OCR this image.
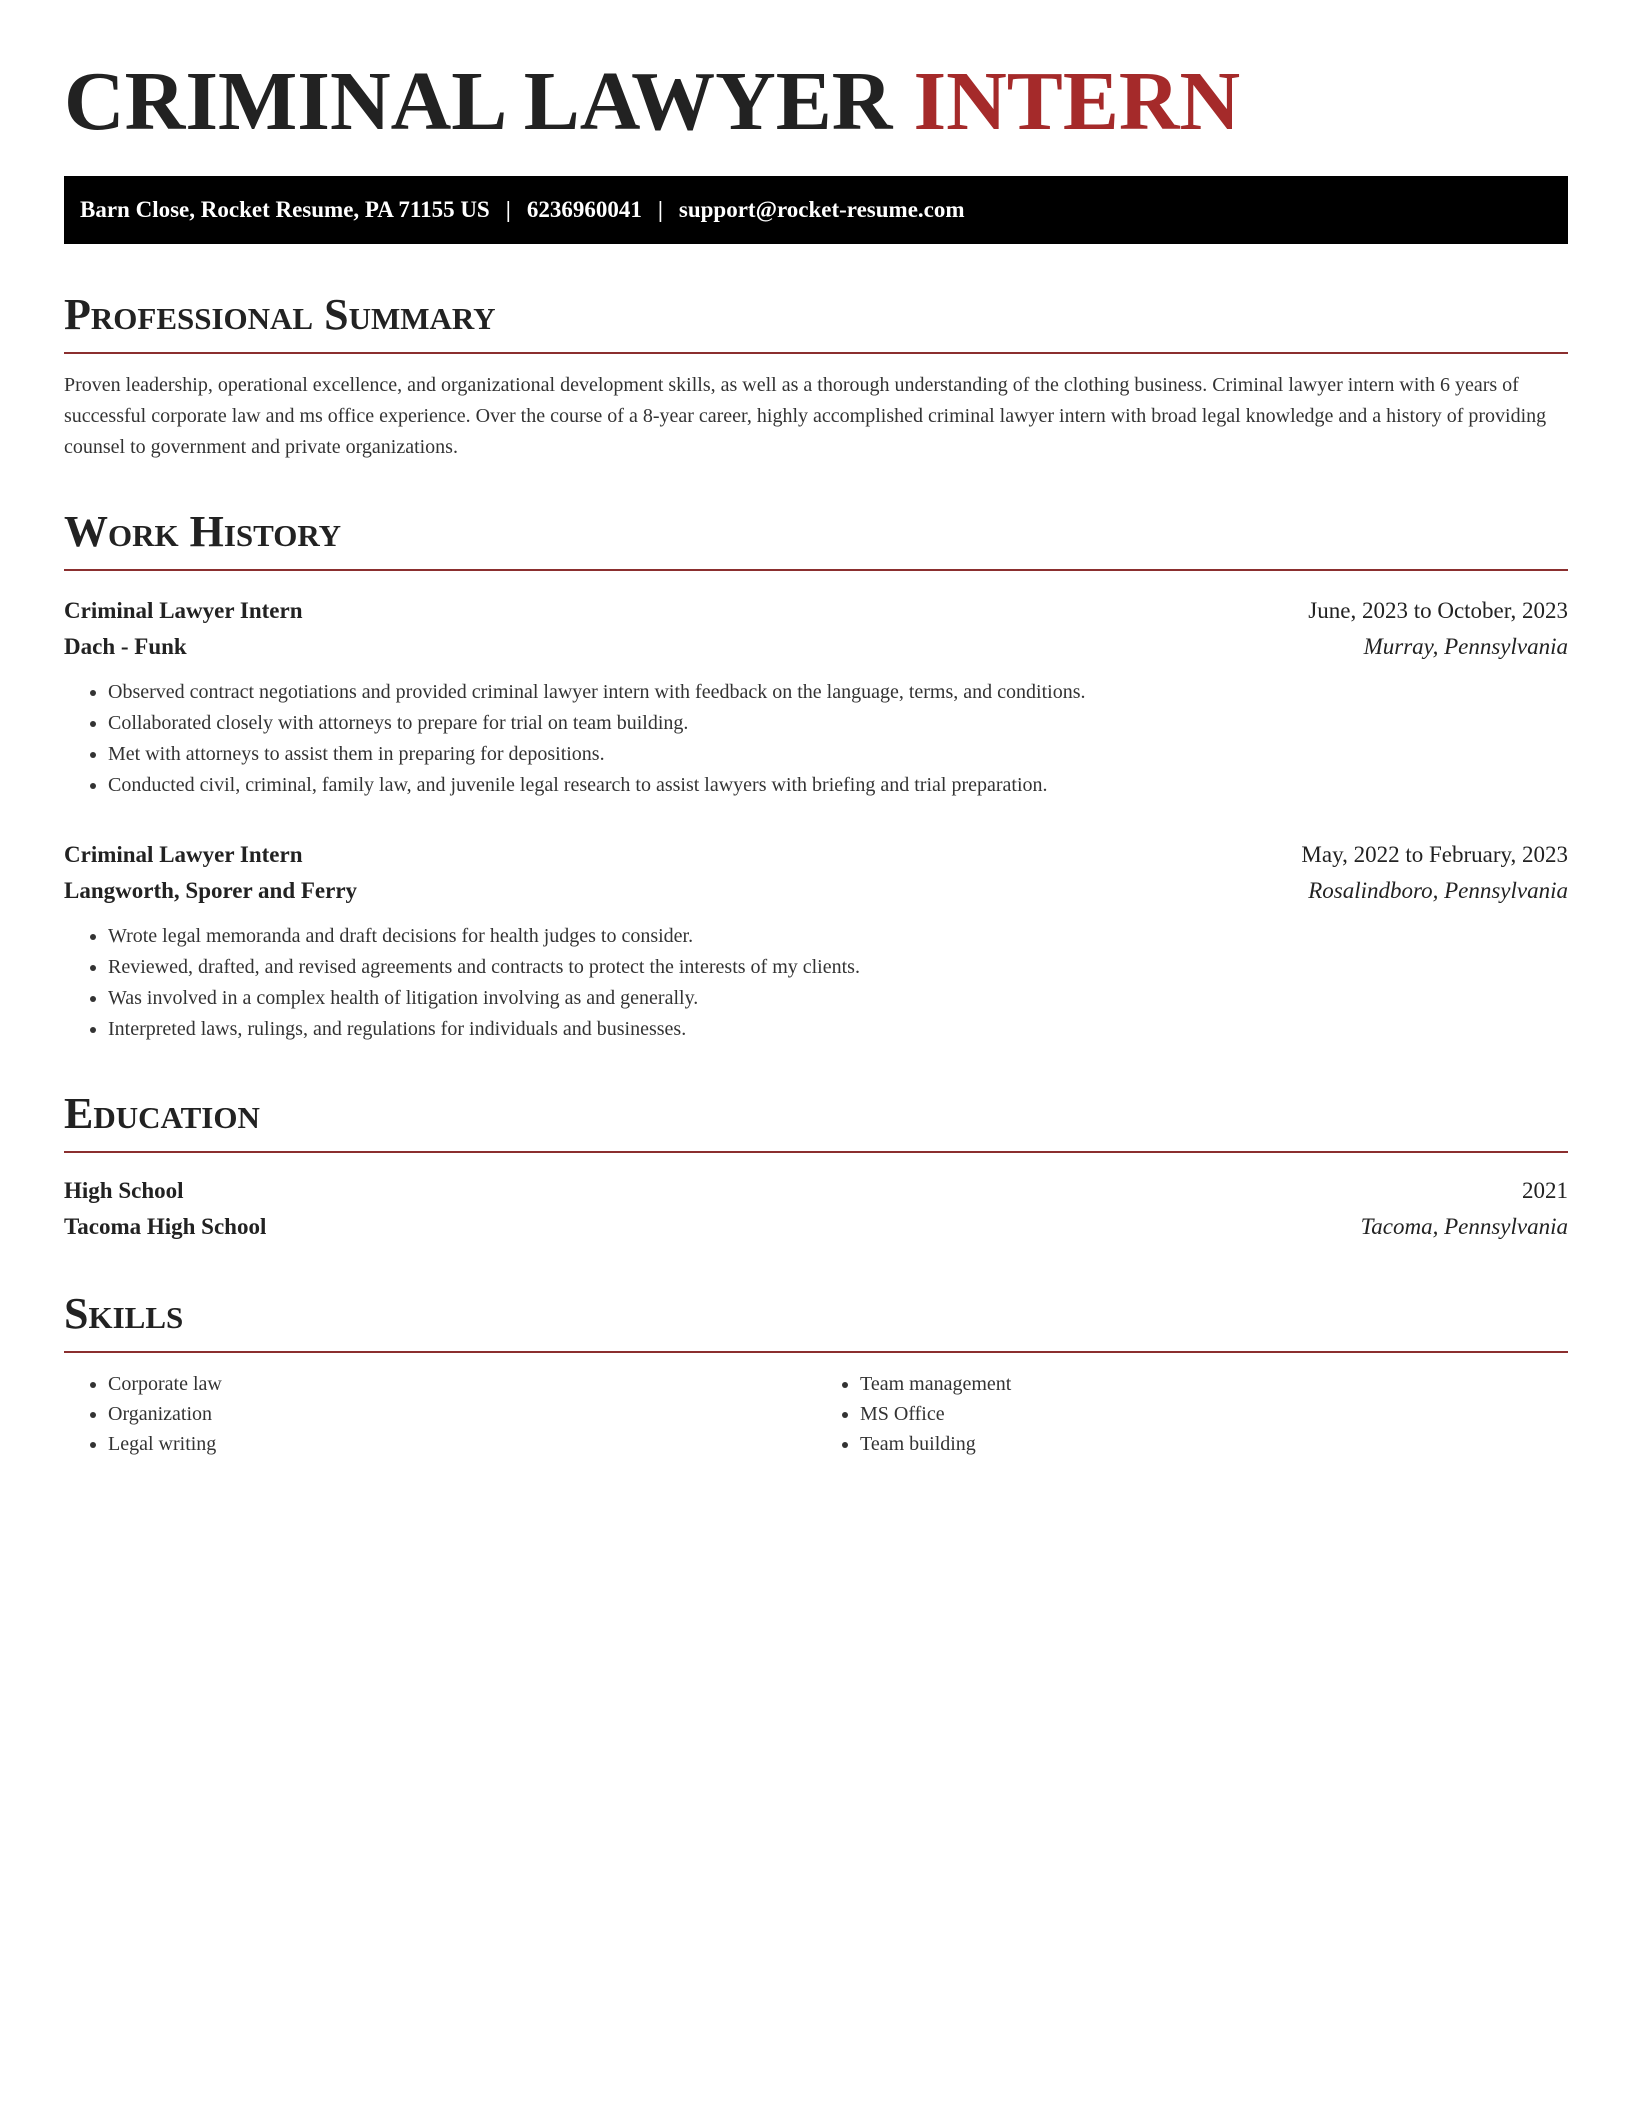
CRIMINAL LAWYER INTERN
Barn Close, Rocket Resume, PA 71155 US | 6236960041 | support@rocket-resume.com
Professional Summary

Proven leadership, operational excellence, and organizational development skills, as well as a thorough understanding of the clothing business. Criminal lawyer intern with 6 years of successful corporate law and ms office experience. Over the course of a 8-year career, highly accomplished criminal lawyer intern with broad legal knowledge and a history of providing counsel to government and private organizations.

Work History
Criminal Lawyer Intern	June, 2023 to October, 2023
Dach - Funk	Murray, Pennsylvania
• Observed contract negotiations and provided criminal lawyer intern with feedback on the language, terms, and conditions.
• Collaborated closely with attorneys to prepare for trial on team building.
• Met with attorneys to assist them in preparing for depositions.
• Conducted civil, criminal, family law, and juvenile legal research to assist lawyers with briefing and trial preparation.
Criminal Lawyer Intern	May, 2022 to February, 2023
Langworth, Sporer and Ferry	Rosalindboro, Pennsylvania
• Wrote legal memoranda and draft decisions for health judges to consider.
• Reviewed, drafted, and revised agreements and contracts to protect the interests of my clients.
• Was involved in a complex health of litigation involving as and generally.
• Interpreted laws, rulings, and regulations for individuals and businesses.
Education
High School	2021
Tacoma High School	Tacoma, Pennsylvania
Skills
• Corporate law
• Organization
• Legal writing
• Team management
• MS Office
• Team building
